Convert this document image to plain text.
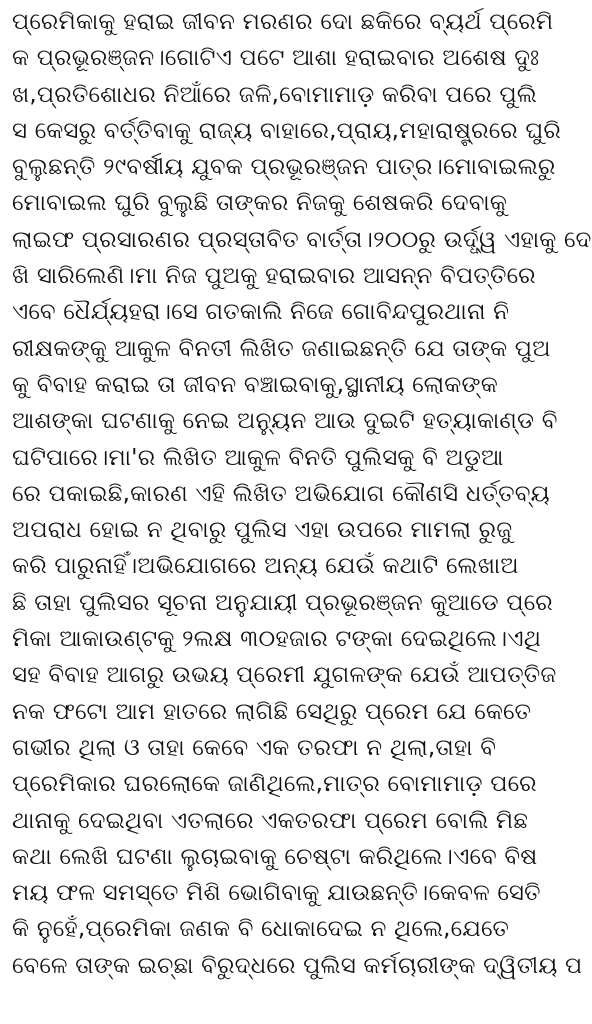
ପ୍ରେମିକାକୁ ହରାଇ ଜୀବନ ମରଣର ଦୋ ଛକିରେ ବ୍ୟର୍ଥ ପ୍ରେମି
କ ପ୍ରଭୂରଞ୍ଜନ।ଗୋଟିଏ ପଟେ ଆଶା ହରାଇବାର ଅଶେଷ ଦୁଃ
ଖ,ପ୍ରତିଶୋଧର ନିଆଁରେ ଜଳି,ବୋମାମାଡ଼ କରିବା ପରେ ପୁଲି
ସ କେସରୁ ବର୍ତ୍ତିବାକୁ ରାଜ୍ୟ ବାହାରେ,ପ୍ରାୟ,ମହାରାଷ୍ଟ୍ରରେ ଘୁରି
ବୁଲୁଛନ୍ତି ୨୯ବର୍ଷୀୟ ଯୁବକ ପ୍ରଭୂରଞ୍ଜନ ପାତ୍ର।ମୋବାଇଲରୁ
ମୋବାଇଲ ଘୁରି ବୁଲୁଛି ତାଙ୍କର ନିଜକୁ ଶେଷକରି ଦେବାକୁ
ଲାଇଫ ପ୍ରସାରଣର ପ୍ରସ୍ତାବିତ ବାର୍ତ୍ତା।୨୦୦ରୁ ଉର୍ଦ୍ଧ୍ୱ ଏହାକୁ ଦେ
ଖି ସାରିଲେଣି।ମା ନିଜ ପୁଅକୁ ହରାଇବାର ଆସନ୍ନ ବିପତ୍ତିରେ
ଏବେ ଧୈର୍ଯ୍ୟହରା।ସେ ଗତକାଲି ନିଜେ ଗୋବିନ୍ଦପୁରଥାନା ନି
ରୀକ୍ଷକଙ୍କୁ ଆକୁଳ ବିନତୀ ଲିଖିତ ଜଣାଇଛନ୍ତି ଯେ ତାଙ୍କ ପୁଅ
କୁ ବିବାହ କରାଇ ତା ଜୀବନ ବଞ୍ଚାଇବାକୁ,ସ୍ଥାନୀୟ ଲୋକଙ୍କ
ଆଶଙ୍କା ଘଟଣାକୁ ନେଇ ଅନ୍ୟୁନ ଆଉ ଦୁଇଟି ହତ୍ୟାକାଣ୍ଡ ବି
ଘଟିପାରେ।ମା'ର ଲିଖିତ ଆକୁଳ ବିନତି ପୁଲିସକୁ ବି ଅଡୁଆ
ରେ ପକାଇଛି,କାରଣ ଏହି ଲିଖିତ ଅଭିଯୋଗ କୌଣସି ଧର୍ତ୍ତବ୍ୟ
ଅପରାଧ ହୋଇ ନ ଥିବାରୁ ପୁଲିସ ଏହା ଉପରେ ମାମଲା ରୁଜୁ
କରି ପାରୁନାହିଁ।ଅଭିଯୋଗରେ ଅନ୍ୟ ଯେଉଁ କଥାଟି ଲେଖାଅ
ଛି ତାହା ପୁଲିସର ସୂଚନା ଅନୁଯାୟୀ ପ୍ରଭୂରଞ୍ଜନ କୁଆଡେ ପ୍ରେ
ମିକା ଆକାଉଣ୍ଟକୁ ୨ଲକ୍ଷ ୩୦ହଜାର ଟଙ୍କା ଦେଇଥିଲେ।ଏଥି
ସହ ବିବାହ ଆଗରୁ ଉଭୟ ପ୍ରେମୀ ଯୁଗଳଙ୍କ ଯେଉଁ ଆପତ୍ତିଜ
ନକ ଫଟୋ ଆମ ହାତରେ ଲାଗିଛି ସେଥିରୁ ପ୍ରେମ ଯେ କେତେ
ଗଭୀର ଥିଲା ଓ ତାହା କେବେ ଏକ ତରଫା ନ ଥିଲା,ତାହା ବି
ପ୍ରେମିକାର ଘରଲୋକେ ଜାଣିଥିଲେ,ମାତ୍ର ବୋମାମାଡ଼ ପରେ
ଥାନାକୁ ଦେଇଥିବା ଏତଲାରେ ଏକତରଫା ପ୍ରେମ ବୋଲି ମିଛ
କଥା ଲେଖି ଘଟଣା ଲୁଚାଇବାକୁ ଚେଷ୍ଟା କରିଥିଲେ।ଏବେ ବିଷ
ମୟ ଫଳ ସମସ୍ତେ ମିଶି ଭୋଗିବାକୁ ଯାଉଛନ୍ତି।କେବଳ ସେତି
କି ନୁହେଁ,ପ୍ରେମିକା ଜଣକ ବି ଧୋକାଦେଇ ନ ଥିଲେ,ଯେତେ
ବେଳେ ତାଙ୍କ ଇଚ୍ଛା ବିରୁଦ୍ଧରେ ପୁଲିସ କର୍ମଚାରୀଙ୍କ ଦ୍ୱିତୀୟ ପ
